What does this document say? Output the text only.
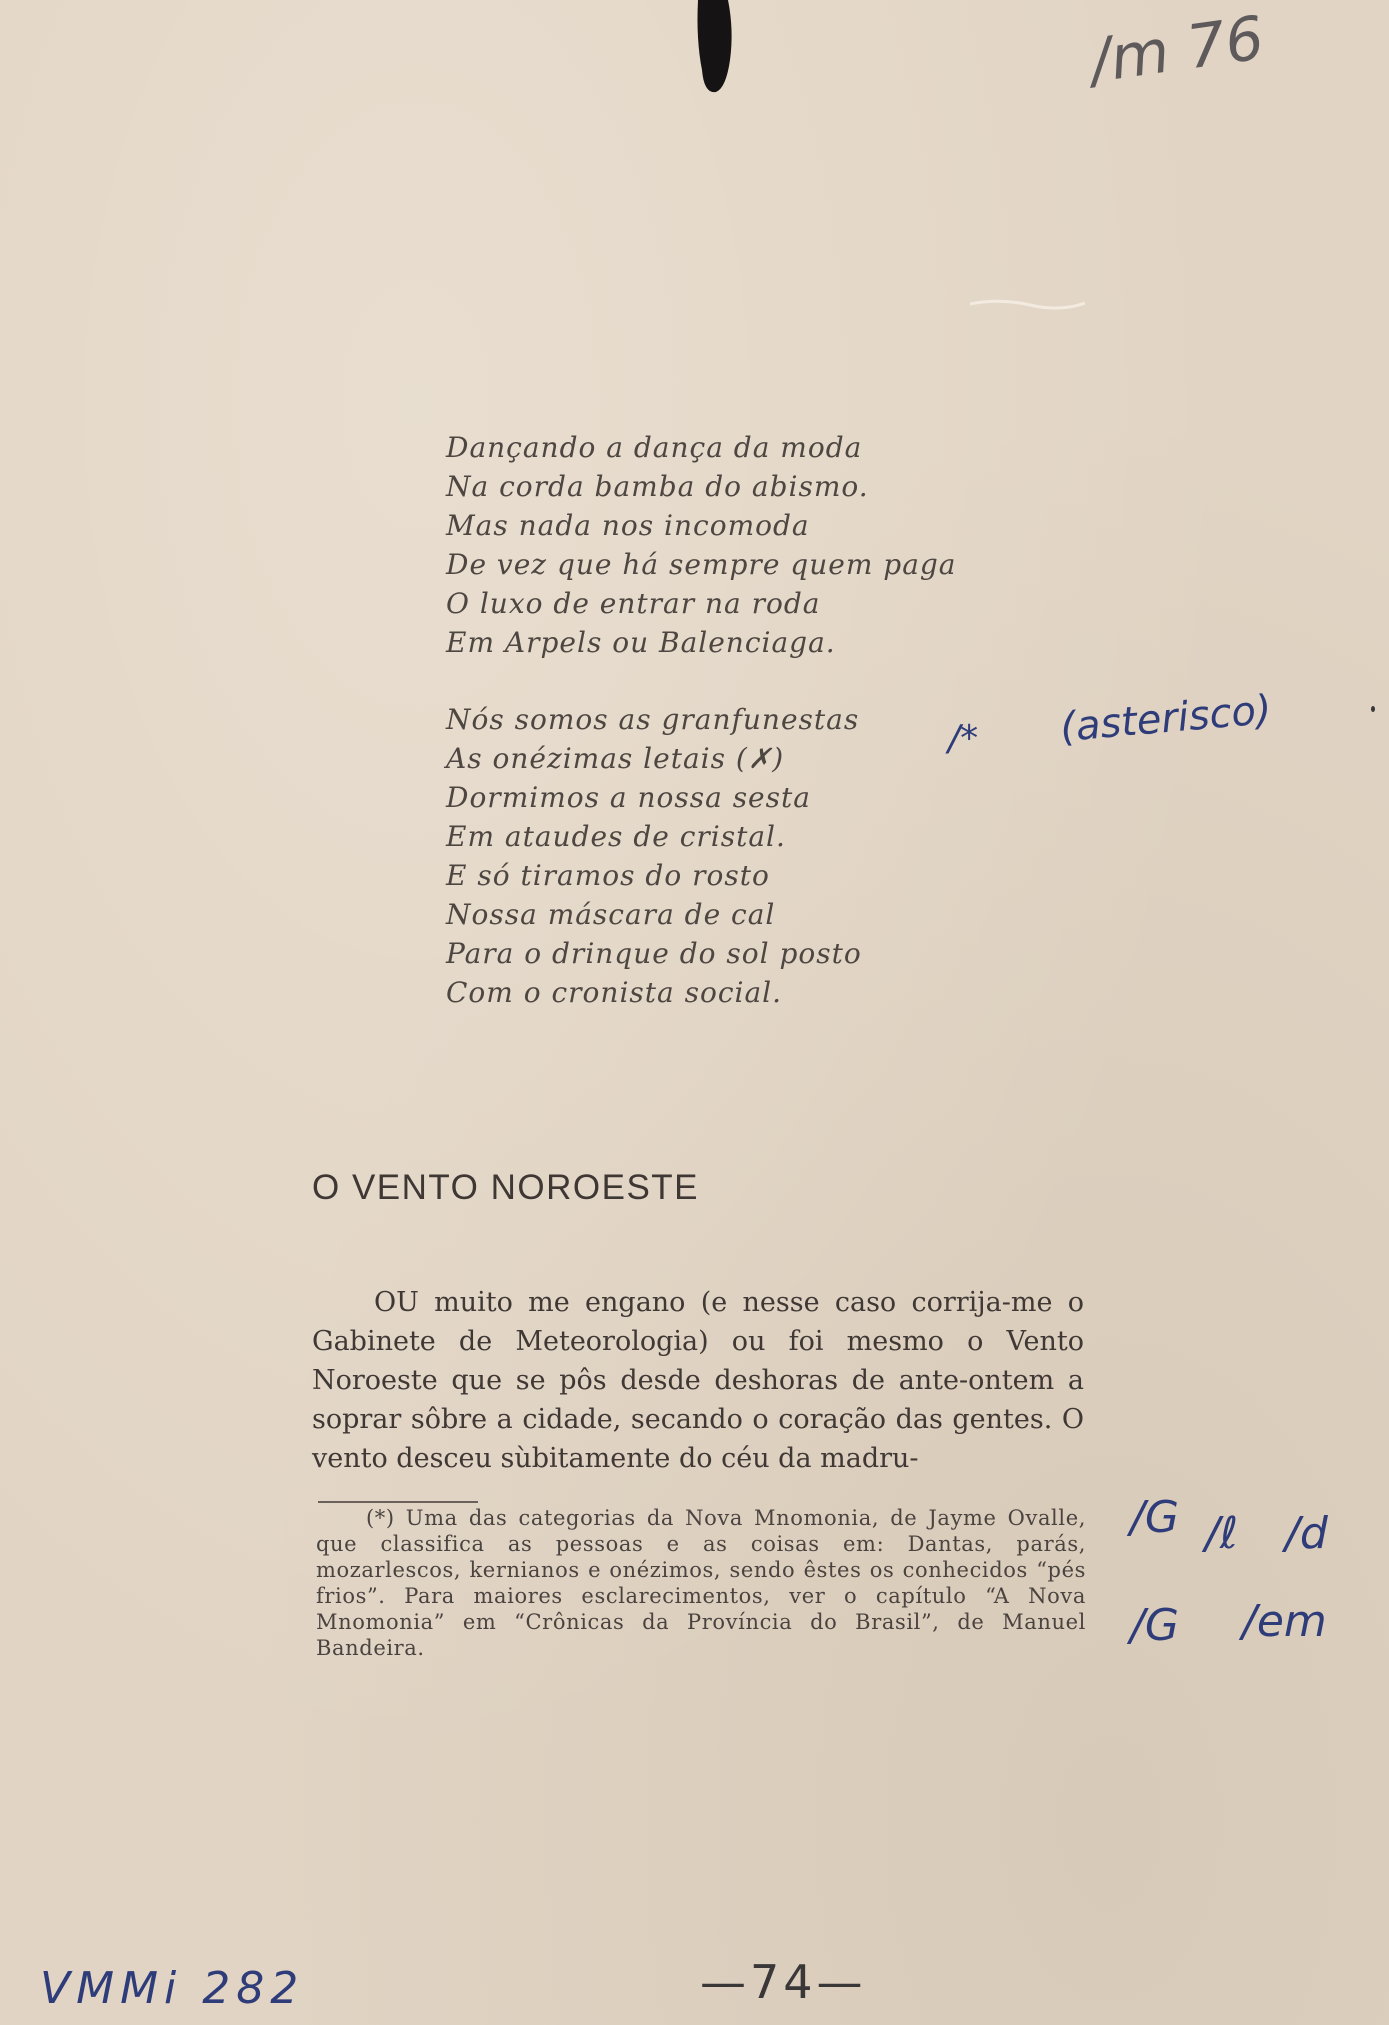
/m 76
Dançando a dança da moda
Na corda bamba do abismo.
Mas nada nos incomoda
De vez que há sempre quem paga
O luxo de entrar na roda
Em Arpels ou Balenciaga.
Nós somos as granfunestas
As onézimas letais (✗)
Dormimos a nossa sesta
Em ataudes de cristal.
E só tiramos do rosto
Nossa máscara de cal
Para o drinque do sol posto
Com o cronista social.
/* (asterisco)
O VENTO NOROESTE
OU muito me engano (e nesse caso corrija-me o Gabinete de Meteorologia) ou foi mesmo o Vento Noroeste que se pôs desde deshoras de ante-ontem a soprar sôbre a cidade, secando o coração das gentes. O vento desceu sùbitamente do céu da madru-
(*) Uma das categorias da Nova Mnomonia, de Jayme Ovalle, que classifica as pessoas e as coisas em: Dantas, parás, mozarlescos, kernianos e onézimos, sendo êstes os conhecidos “pés frios”. Para maiores esclarecimentos, ver o capítulo “A Nova Mnomonia” em “Crônicas da Província do Brasil”, de Manuel Bandeira.
/G /ℓ /d
/G /em
VMMi 282	—74—
